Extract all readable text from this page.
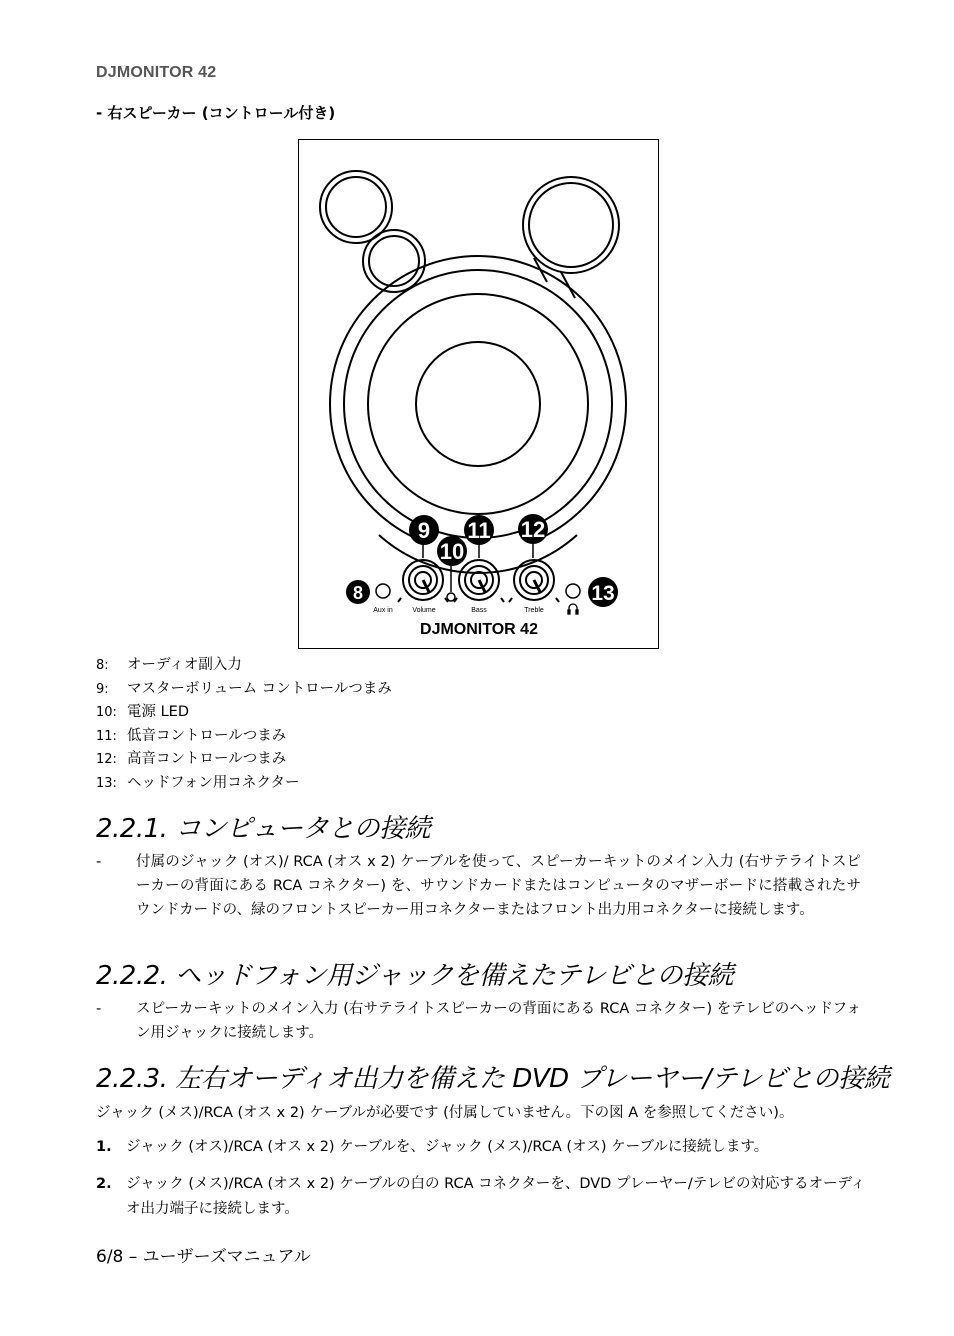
DJMONITOR 42
- 右スピーカー (コントロール付き)
9 11 12
10
8	13
Aux in	Volume	Bass	Treble
DJMONITOR 42
8: オーディオ副入力
9: マスターボリューム コントロールつまみ
10: 電源 LED
11: 低音コントロールつまみ
12: 高音コントロールつまみ
13: ヘッドフォン用コネクター
2.2.1. コンピュータとの接続
- 付属のジャック (オス)/ RCA (オス x 2) ケーブルを使って、スピーカーキットのメイン入力 (右サテライトスピーカーの背面にある RCA コネクター) を、サウンドカードまたはコンピュータのマザーボードに搭載されたサウンドカードの、緑のフロントスピーカー用コネクターまたはフロント出力用コネクターに接続します。
2.2.2. ヘッドフォン用ジャックを備えたテレビとの接続
- スピーカーキットのメイン入力 (右サテライトスピーカーの背面にある RCA コネクター) をテレビのヘッドフォン用ジャックに接続します。
2.2.3. 左右オーディオ出力を備えた DVD プレーヤー/テレビとの接続
ジャック (メス)/RCA (オス x 2) ケーブルが必要です (付属していません。下の図 A を参照してください)。
1. ジャック (オス)/RCA (オス x 2) ケーブルを、ジャック (メス)/RCA (オス) ケーブルに接続します。
2. ジャック (メス)/RCA (オス x 2) ケーブルの白の RCA コネクターを、DVD プレーヤー/テレビの対応するオーディオ出力端子に接続します。
6/8 – ユーザーズマニュアル
